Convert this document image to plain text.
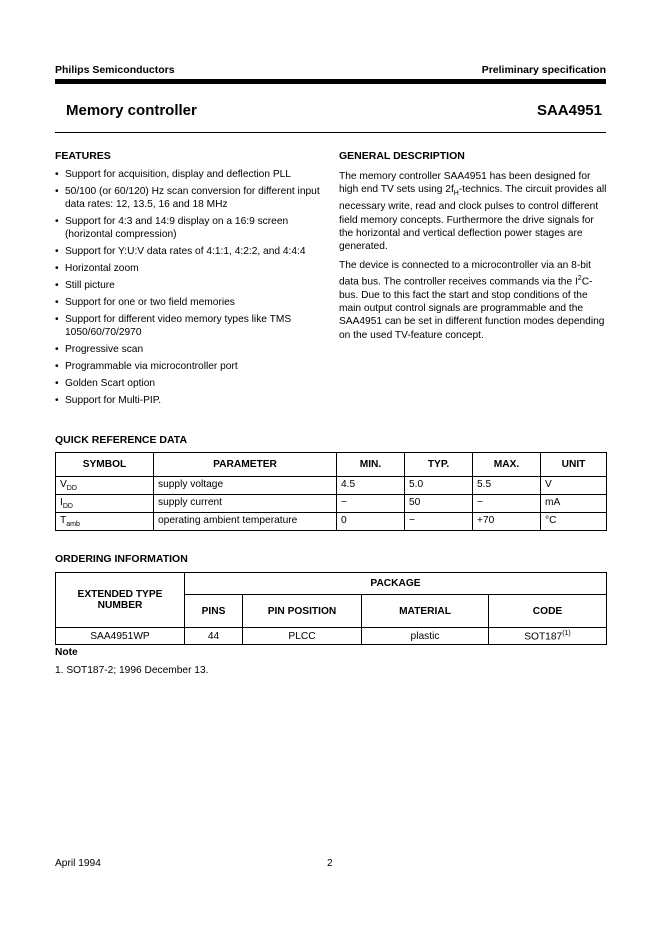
Philips Semiconductors	Preliminary specification
Memory controller	SAA4951
FEATURES
• Support for acquisition, display and deflection PLL
• 50/100 (or 60/120) Hz scan conversion for different input data rates: 12, 13.5, 16 and 18 MHz
• Support for 4:3 and 14:9 display on a 16:9 screen (horizontal compression)
• Support for Y:U:V data rates of 4:1:1, 4:2:2, and 4:4:4
• Horizontal zoom
• Still picture
• Support for one or two field memories
• Support for different video memory types like TMS 1050/60/70/2970
• Progressive scan
• Programmable via microcontroller port
• Golden Scart option
• Support for Multi-PIP.
GENERAL DESCRIPTION

The memory controller SAA4951 has been designed for high end TV sets using $2f_H$-technics. The circuit provides all necessary write, read and clock pulses to control different field memory concepts. Furthermore the drive signals for the horizontal and vertical deflection power stages are generated.

The device is connected to a microcontroller via an 8-bit data bus. The controller receives commands via the $I^2C$-bus. Due to this fact the start and stop conditions of the main output control signals are programmable and the SAA4951 can be set in different function modes depending on the used TV-feature concept.

QUICK REFERENCE DATA
SYMBOL	PARAMETER	MIN.	TYP.	MAX.	UNIT
$V_{DD}$	supply voltage	4.5	5.0	5.5	V
$I_{DD}$	supply current	−	50	−	mA
$T_{amb}$	operating ambient temperature	0	−	+70	°C
ORDERING INFORMATION
EXTENDED TYPE NUMBER	PACKAGE			
	PINS	PIN POSITION	MATERIAL	CODE
SAA4951WP	44	PLCC	plastic	SOT187$^{(1)}$
Note
1. SOT187-2; 1996 December 13.
April 1994	2
